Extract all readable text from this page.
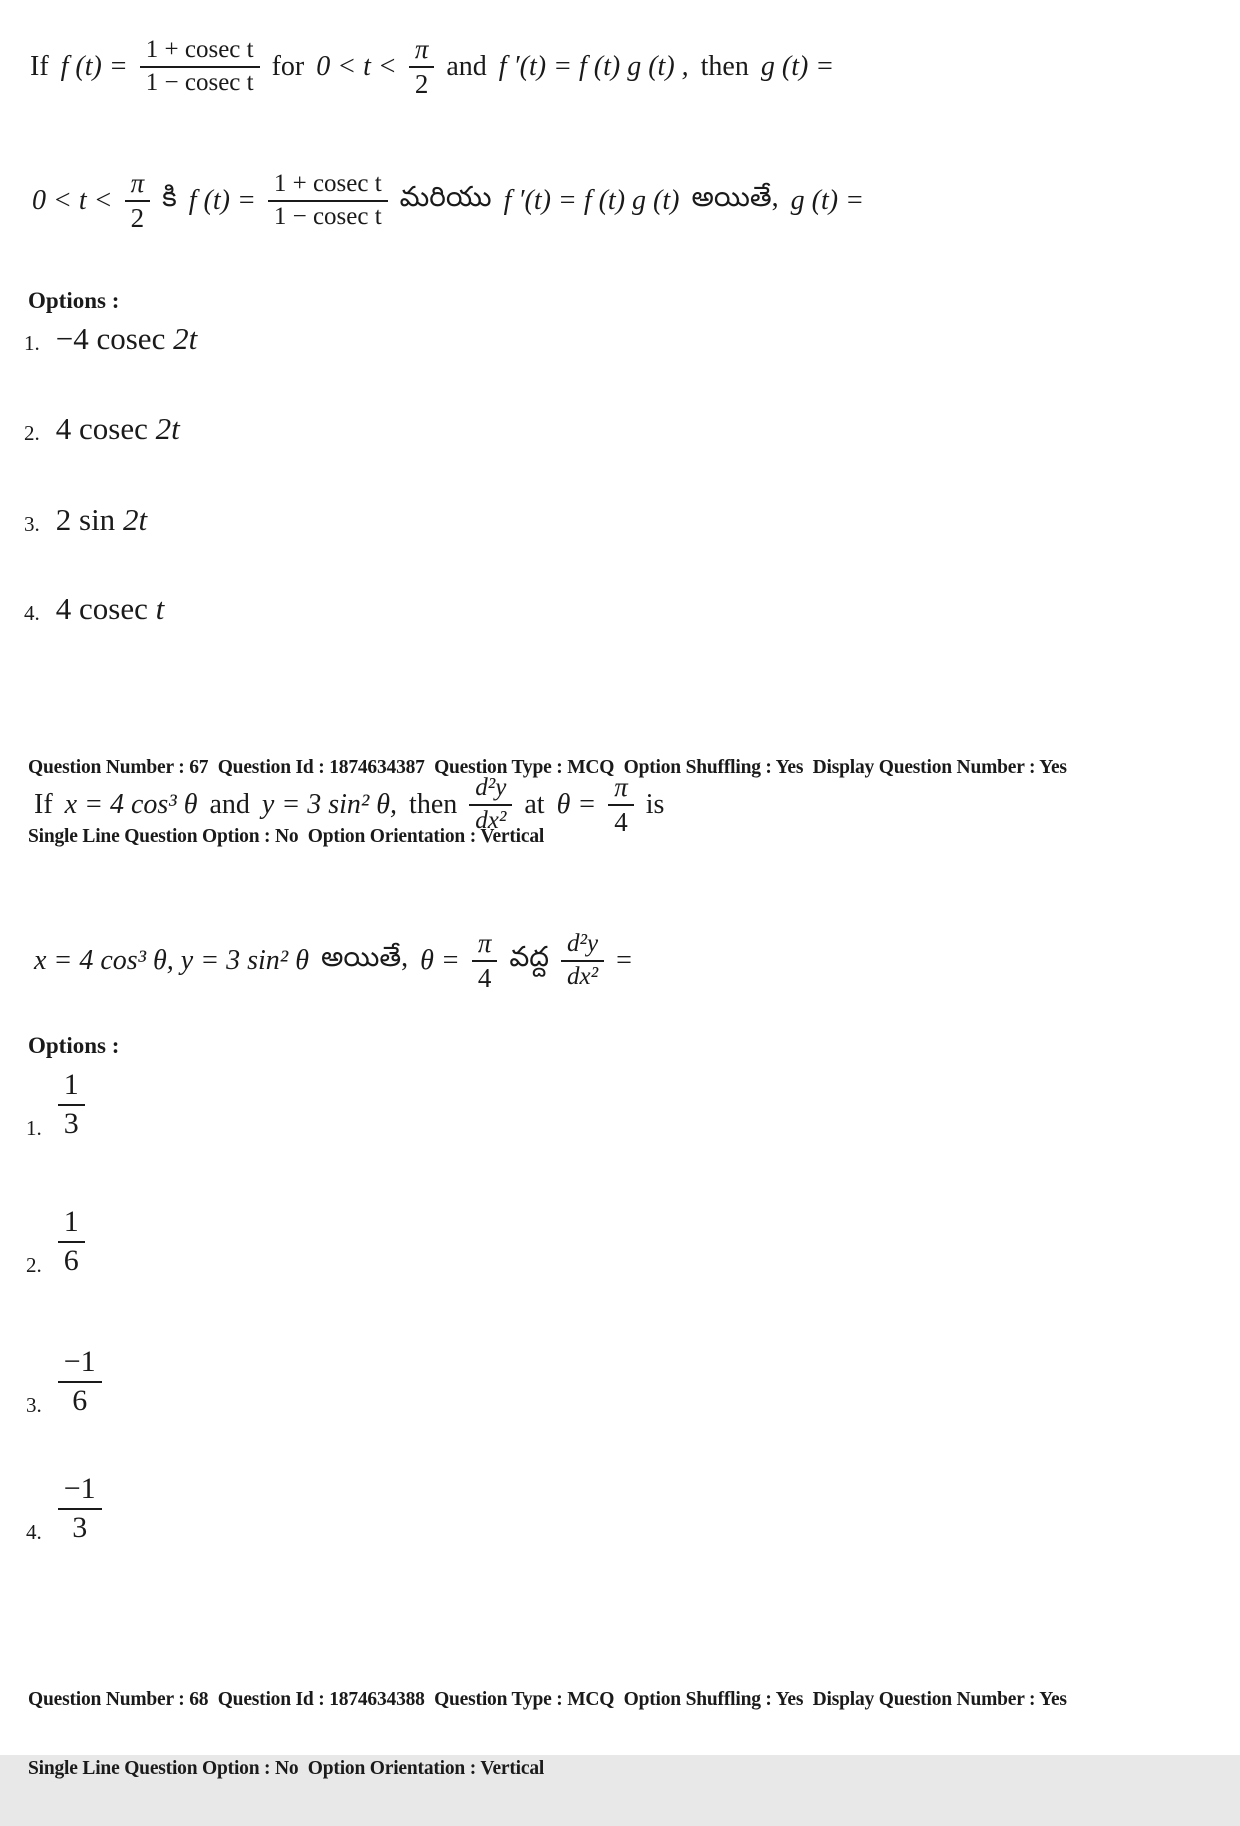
If f $(t) = \frac{\text{1 + cosec t}}{\text{1 − cosec t}}$ for $0 < t < \frac{\pi}{2}$ and f ′(t) = f (t) g (t) , then g (t) =
$0 < t < \frac{\pi}{2}$ కి f $(t) = \frac{\text{1 + cosec t}}{\text{1 − cosec t}}$ మరియు f ′(t) = f (t) g (t) అయితే, g (t) =
Options :
1. −4 cosec 2t
2. 4 cosec 2t
3. 2 sin 2t
4. 4 cosec t

Question Number : 67  Question Id : 1874634387  Question Type : MCQ  Option Shuffling : Yes  Display Question Number : Yes

Single Line Question Option : No  Option Orientation : Vertical

If x = 4 cos³ θ and y = 3 sin² θ, then $\frac{\text{d²y}}{\text{dx²}}$ at $\theta = \frac{\pi}{4}$ is
x = 4 cos³ θ, y = 3 sin² θ అయితే, $\theta = \frac{\pi}{4}$ వద్ద $\frac{\text{d²y}}{\text{dx²}}$ =
Options :
1. $\frac{1}{3}$
2. $\frac{1}{6}$
3. $\frac{-1}{6}$
4. $\frac{-1}{3}$

Question Number : 68  Question Id : 1874634388  Question Type : MCQ  Option Shuffling : Yes  Display Question Number : Yes

Single Line Question Option : No  Option Orientation : Vertical
